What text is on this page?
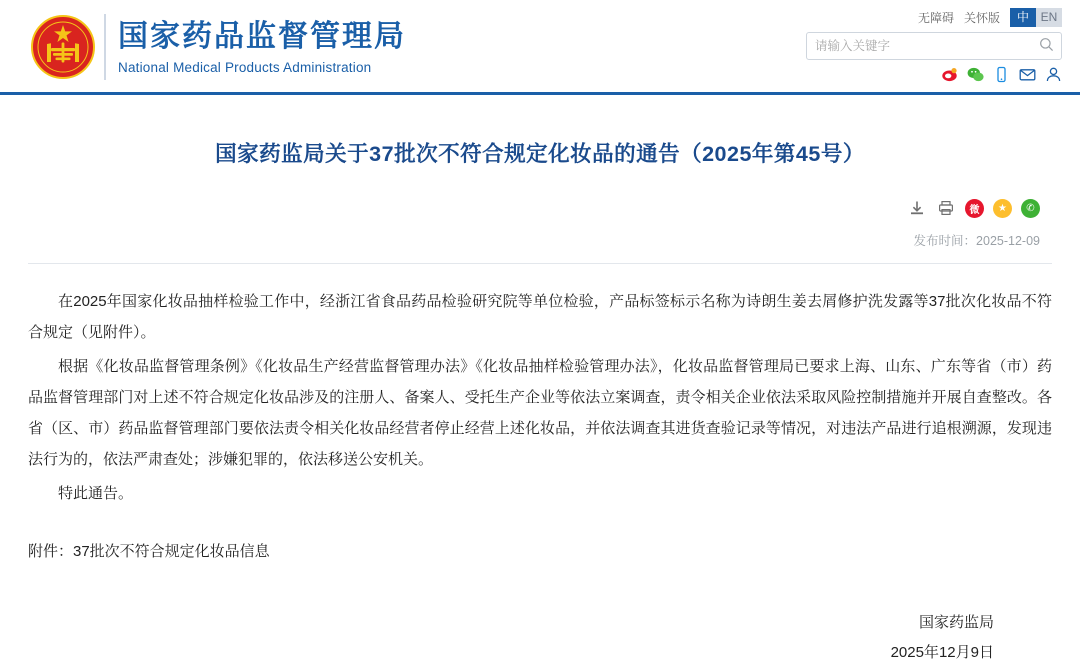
国家药品监督管理局
National Medical Products Administration
无障碍 关怀版	中 EN
请输入关键字
国家药监局关于37批次不符合规定化妆品的通告（2025年第45号）
微	★	✆
发布时间：2025-12-09

在2025年国家化妆品抽样检验工作中，经浙江省食品药品检验研究院等单位检验，产品标签标示名称为诗朗生姜去屑修护洗发露等37批次化妆品不符合规定（见附件）。

根据《化妆品监督管理条例》《化妆品生产经营监督管理办法》《化妆品抽样检验管理办法》，化妆品监督管理局已要求上海、山东、广东等省（市）药品监督管理部门对上述不符合规定化妆品涉及的注册人、备案人、受托生产企业等依法立案调查，责令相关企业依法采取风险控制措施并开展自查整改。各省（区、市）药品监督管理部门要依法责令相关化妆品经营者停止经营上述化妆品，并依法调查其进货查验记录等情况，对违法产品进行追根溯源，发现违法行为的，依法严肃查处；涉嫌犯罪的，依法移送公安机关。

特此通告。

附件：37批次不符合规定化妆品信息
国家药监局
2025年12月9日
